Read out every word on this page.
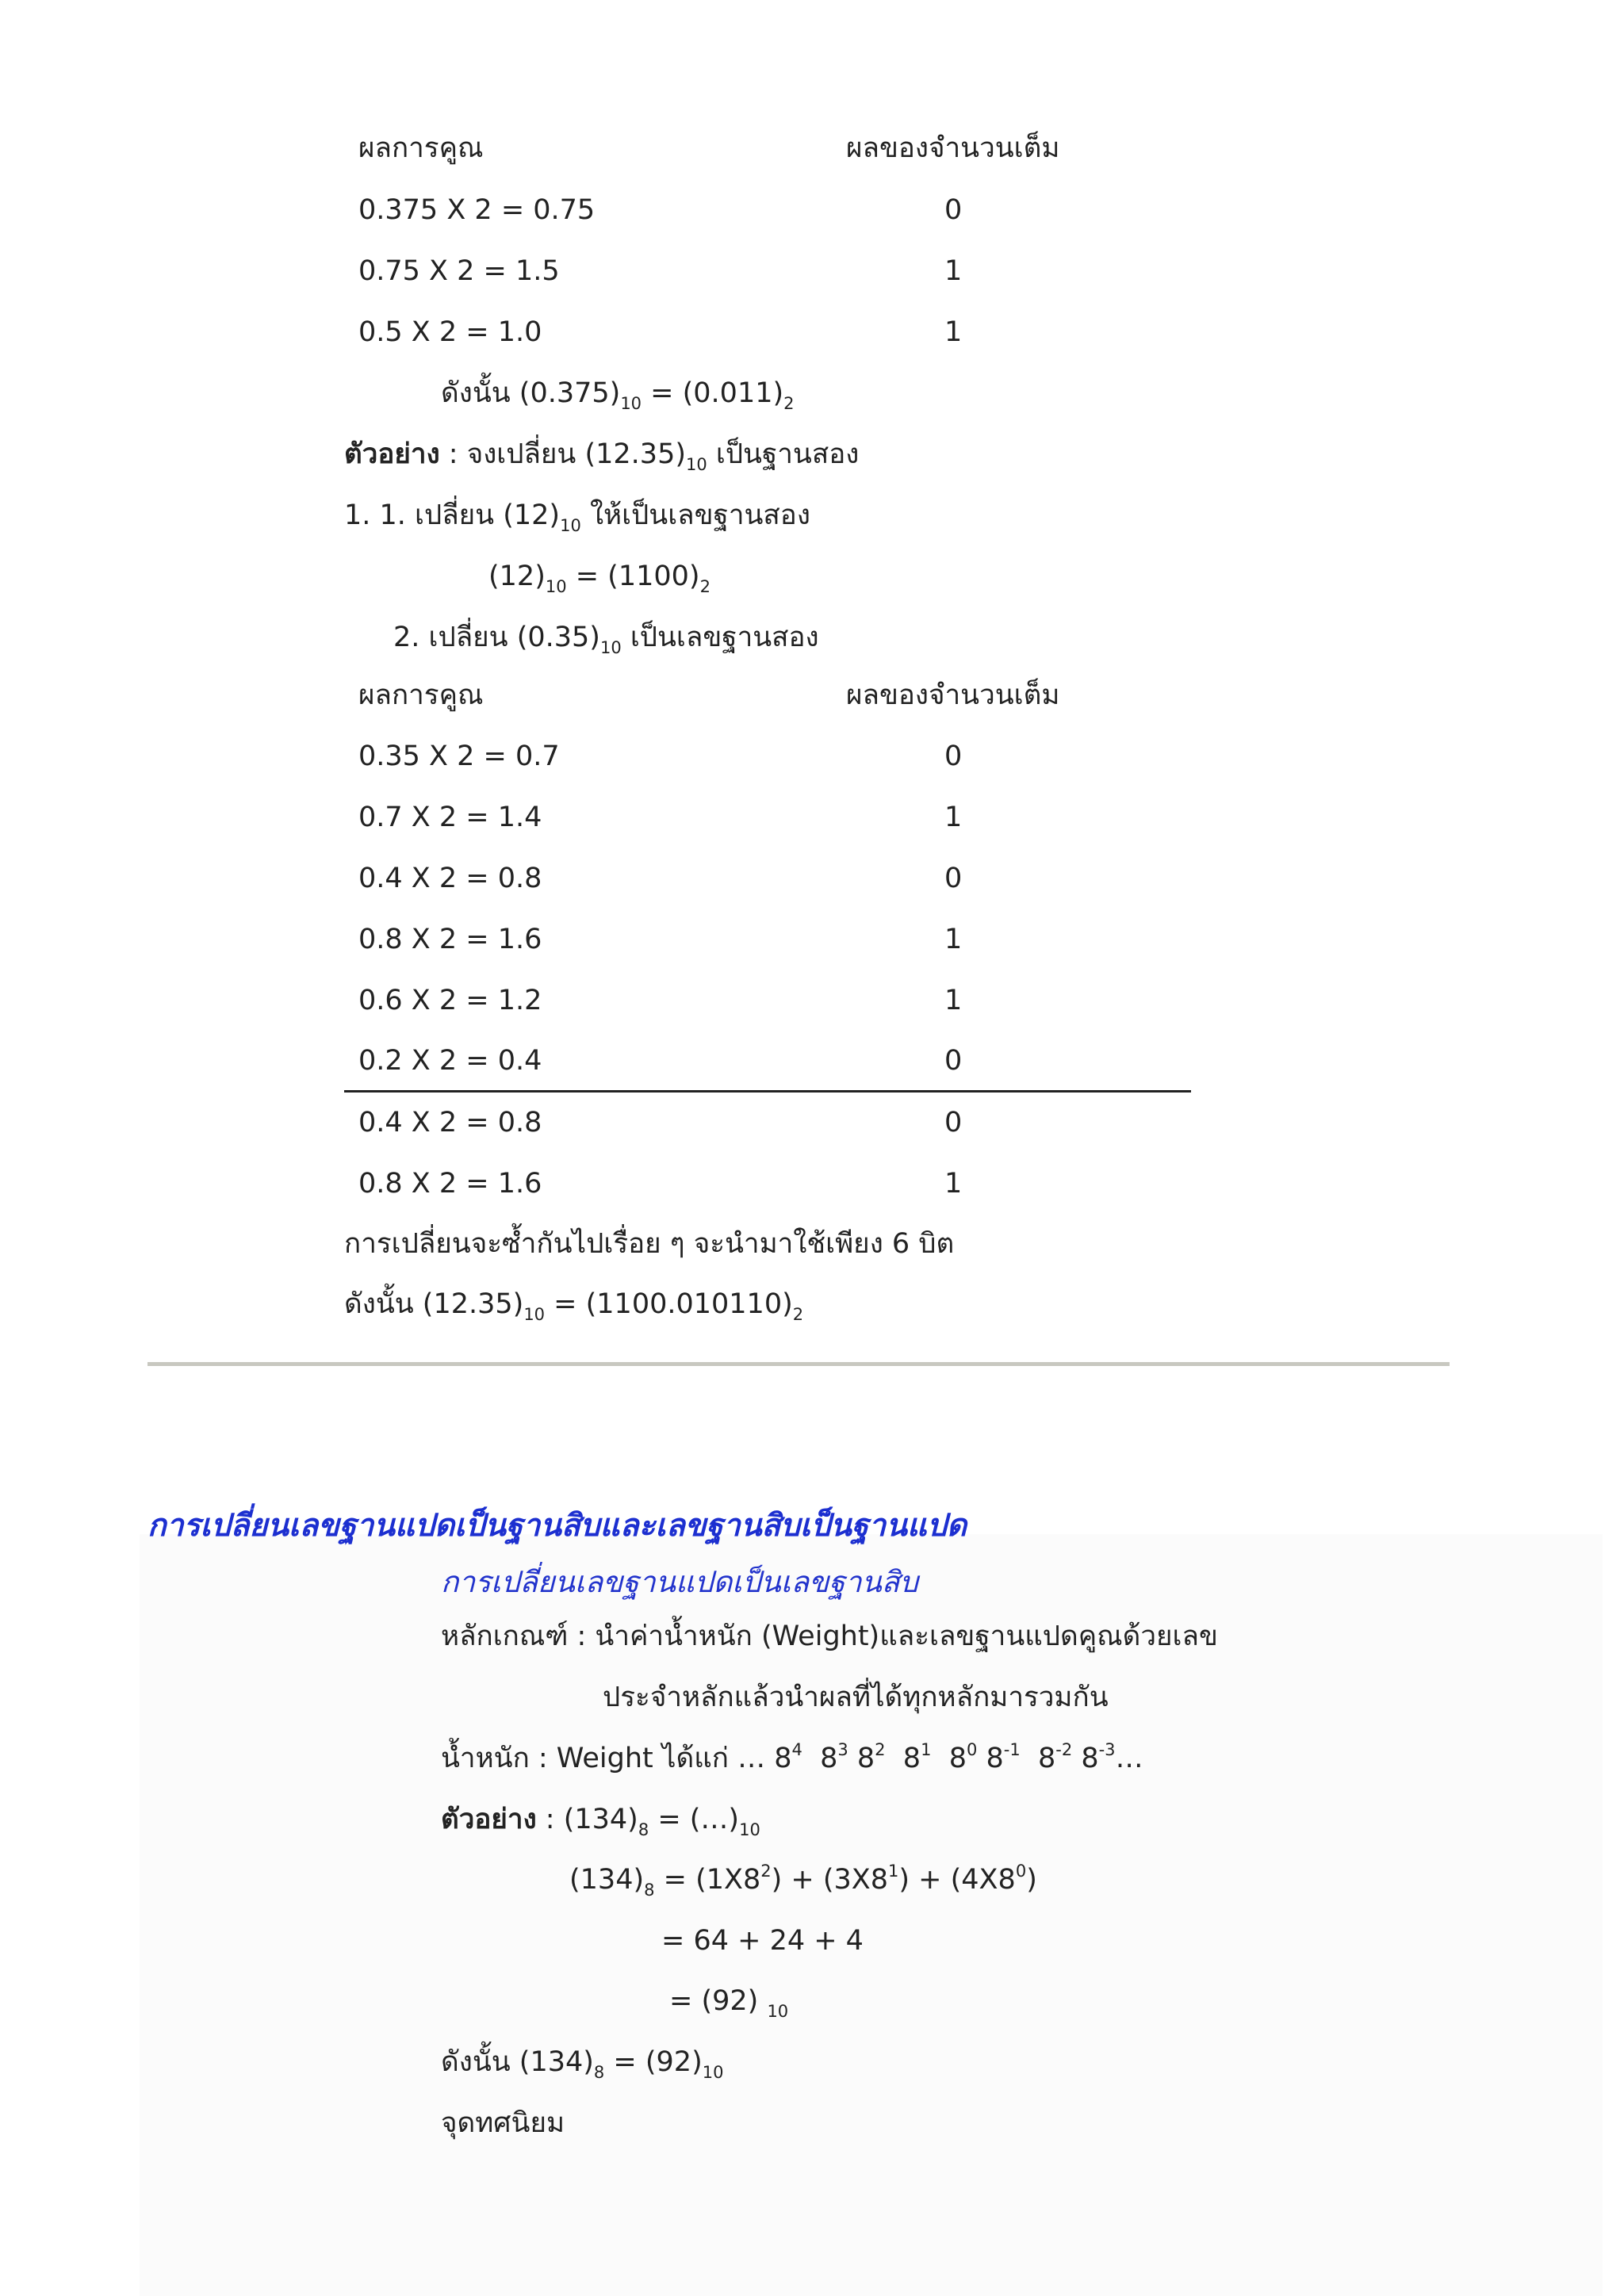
ผลการคูณ	ผลของจำนวนเต็ม
0.375 X 2 = 0.75	0
0.75 X 2 = 1.5	1
0.5 X 2 = 1.0	1
ดังนั้น $(0.375)_{10} = (0.011)_2$
ตัวอย่าง : จงเปลี่ยน $(12.35)_{10}$ เป็นฐานสอง
1. 1. เปลี่ยน $(12)_{10}$ ให้เป็นเลขฐานสอง
$(12)_{10} = (1100)_2$
2. เปลี่ยน $(0.35)_{10}$ เป็นเลขฐานสอง
ผลการคูณ	ผลของจำนวนเต็ม
0.35 X 2 = 0.7	0
0.7 X 2 = 1.4	1
0.4 X 2 = 0.8	0
0.8 X 2 = 1.6	1
0.6 X 2 = 1.2	1
0.2 X 2 = 0.4	0
0.4 X 2 = 0.8	0
0.8 X 2 = 1.6	1
การเปลี่ยนจะซ้ำกันไปเรื่อย ๆ จะนำมาใช้เพียง 6 บิต
ดังนั้น $(12.35)_{10} = (1100.010110)_2$
การเปลี่ยนเลขฐานแปดเป็นฐานสิบและเลขฐานสิบเป็นฐานแปด
การเปลี่ยนเลขฐานแปดเป็นเลขฐานสิบ
หลักเกณฑ์ : นำค่าน้ำหนัก (Weight)และเลขฐานแปดคูณด้วยเลข
ประจำหลักแล้วนำผลที่ได้ทุกหลักมารวมกัน
น้ำหนัก : Weight ได้แก่ … $8^4$  $8^3$ $8^2$  $8^1$  $8^0$ $8^{-1}$  $8^{-2}$ $8^{-3}\dots$
ตัวอย่าง : $(134)_8$ = $(\dots)_{10}$
$(134)_8 = (1X8^2) + (3X8^1) + (4X8^0)$
= 64 + 24 + 4
= (92) $_{10}$
ดังนั้น $(134)_8 = (92)_{10}$
จุดทศนิยม
